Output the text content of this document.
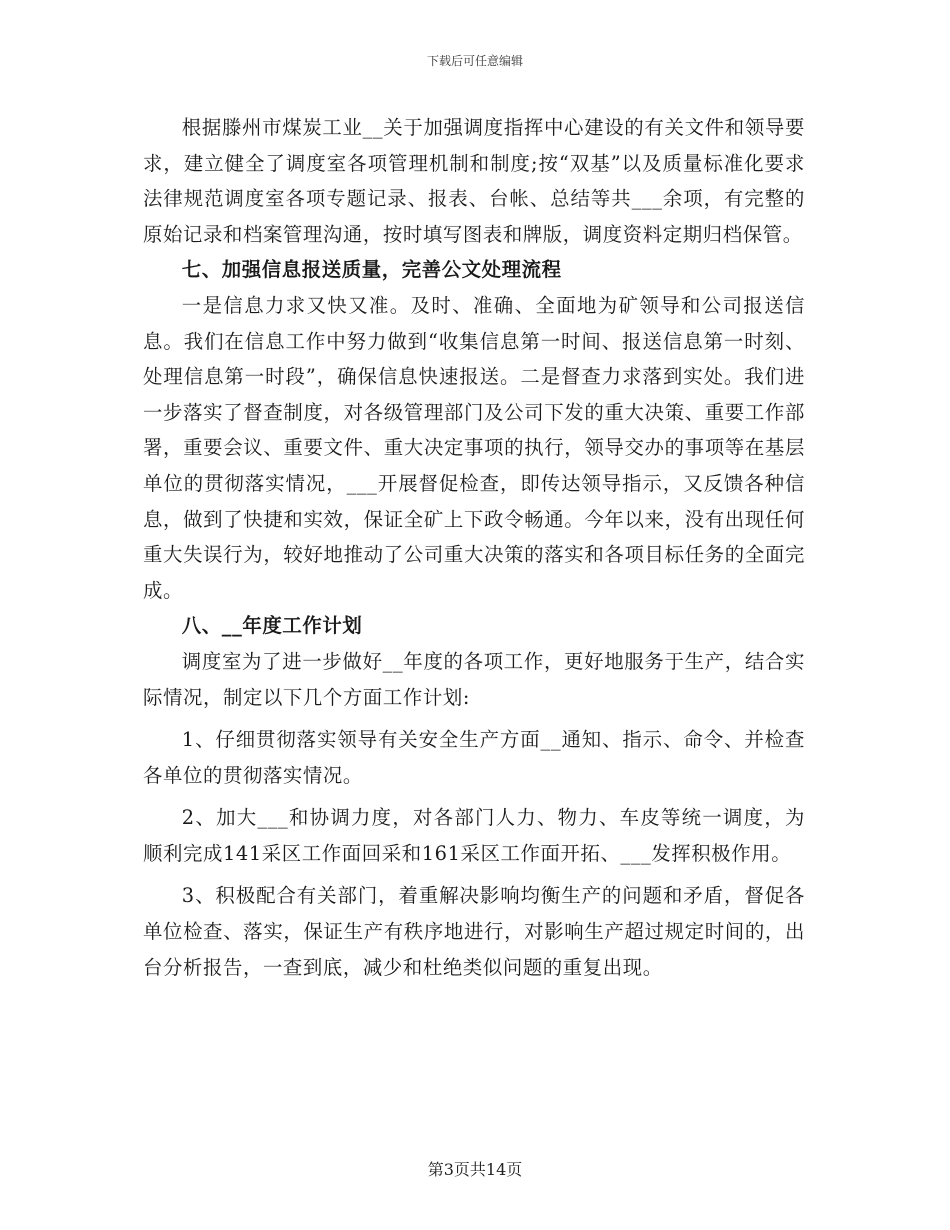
下载后可任意编辑

根据滕州市煤炭工业__关于加强调度指挥中心建设的有关文件和领导要求，建立健全了调度室各项管理机制和制度;按“双基”以及质量标准化要求法律规范调度室各项专题记录、报表、台帐、总结等共___余项，有完整的原始记录和档案管理沟通，按时填写图表和牌版，调度资料定期归档保管。

七、加强信息报送质量，完善公文处理流程

一是信息力求又快又准。及时、准确、全面地为矿领导和公司报送信息。我们在信息工作中努力做到“收集信息第一时间、报送信息第一时刻、处理信息第一时段”，确保信息快速报送。二是督查力求落到实处。我们进一步落实了督查制度，对各级管理部门及公司下发的重大决策、重要工作部署，重要会议、重要文件、重大决定事项的执行，领导交办的事项等在基层单位的贯彻落实情况，___开展督促检查，即传达领导指示，又反馈各种信息，做到了快捷和实效，保证全矿上下政令畅通。今年以来，没有出现任何重大失误行为，较好地推动了公司重大决策的落实和各项目标任务的全面完成。

八、__年度工作计划

调度室为了进一步做好__年度的各项工作，更好地服务于生产，结合实际情况，制定以下几个方面工作计划:

1、仔细贯彻落实领导有关安全生产方面__通知、指示、命令、并检查各单位的贯彻落实情况。

2、加大___和协调力度，对各部门人力、物力、车皮等统一调度，为顺利完成141采区工作面回采和161采区工作面开拓、___发挥积极作用。

3、积极配合有关部门，着重解决影响均衡生产的问题和矛盾，督促各单位检查、落实，保证生产有秩序地进行，对影响生产超过规定时间的，出台分析报告，一查到底，减少和杜绝类似问题的重复出现。

第3页共14页
